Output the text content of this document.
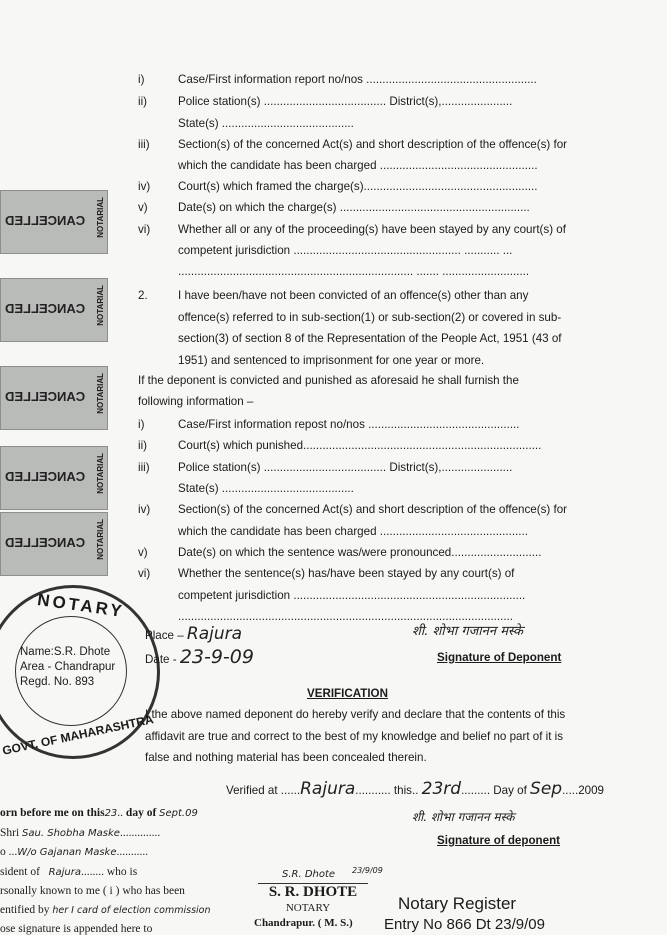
i)	Case/First information report no/nos .....................................................
ii)	Police station(s) ...................................... District(s),......................
State(s) .........................................
iii) Section(s) of the concerned Act(s) and short description of the offence(s) for
which the candidate has been charged .................................................
iv) Court(s) which framed the charge(s)......................................................
v)	Date(s) on which the charge(s) ...........................................................
vi) Whether all or any of the proceeding(s) have been stayed by any court(s) of
competent jurisdiction .................................................... ........... ...
......................................................................... ....... ...........................
2.	I have been/have not been convicted of an offence(s) other than any
offence(s) referred to in sub-section(1) or sub-section(2) or covered in sub-
section(3) of section 8 of the Representation of the People Act, 1951 (43 of
1951) and sentenced to imprisonment for one year or more.
If the deponent is convicted and punished as aforesaid he shall furnish the
following information –
i)	Case/First information repost no/nos ...............................................
ii)	Court(s) which punished..........................................................................
iii) Police station(s) ...................................... District(s),......................
State(s) .........................................
iv) Section(s) of the concerned Act(s) and short description of the offence(s) for
which the candidate has been charged ..............................................
v)	Date(s) on which the sentence was/were pronounced............................
vi) Whether the sentence(s) has/have been stayed by any court(s) of
competent jurisdiction ........................................................................
........................................................................................................
CANCELLED NOTARIAL
CANCELLED NOTARIAL
CANCELLED NOTARIAL
CANCELLED NOTARIAL
CANCELLED NOTARIAL
NOTARY
Name:S.R. Dhote
Area - Chandrapur
Regd. No. 893
GOVT. OF MAHARASHTRA
Place – Rajura
Date - 23-9-09
शी. शोभा गजानन मस्के
Signature of Deponent
VERIFICATION
I the above named deponent do hereby verify and declare that the contents of this
affidavit are true and correct to the best of my knowledge and belief no part of it is
false and nothing material has been concealed therein.
Verified at ......Rajura........... this.. 23rd......... Day of Sep.....2009
शी. शोभा गजानन मस्के
Signature of deponent
orn before me on this23.. day of Sept.09
Shri Sau. Shobha Maske..............
o ...W/o Gajanan Maske...........
sident of Rajura........ who is
rsonally known to me ( i ) who has been
entified by her I card of election commission
ose signature is appended here to
S.R. Dhote 23/9/09
S. R. DHOTE
NOTARY
Chandrapur. ( M. S.)
Notary Register
Entry No 866 Dt 23/9/09
